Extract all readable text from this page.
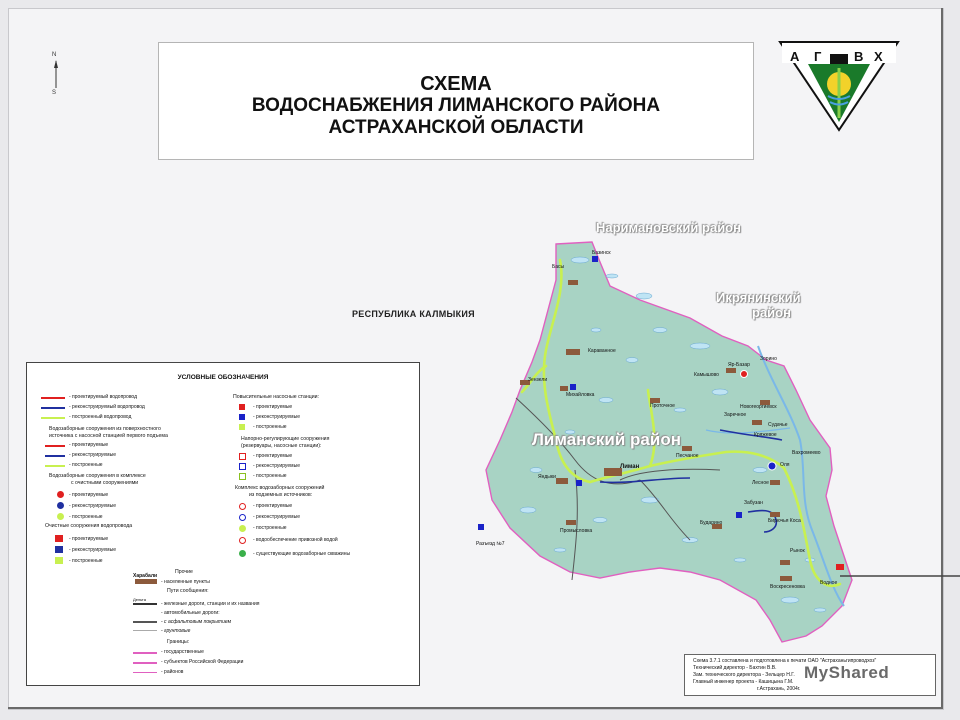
СХЕМА
ВОДОСНАБЖЕНИЯ ЛИМАНСКОГО РАЙОНА
АСТРАХАНСКОЙ ОБЛАСТИ
N
S
А Г	В Х
Наримановский район
Икрянинский
район
РЕСПУБЛИКА КАЛМЫКИЯ
Лиманский район
Басы
Базинск
Караванное
Зензели
Михайловка
Проточное
Камышово
Яр-Базар
Зорино
Новогеоргиевск
Заречное
Судачье
Кряжевое
Песчаное
Лиман
Яндыки
Вахромеево
Оля
Лесное
Промысловка
Забузан
Бударино	Бирючья Коса
Разъезд №7
Рынок
Воскресеновка
Водное
УСЛОВНЫЕ ОБОЗНАЧЕНИЯ
- проектируемый водопровод
- реконструируемый водопровод
- построенный водопровод
Водозаборные сооружения из поверхностного
источника с насосной станцией первого подъема
- проектируемые
- реконструируемые
- построенные
Водозаборные сооружения в комплексе
с очистными сооружениями
- проектируемые
- реконструируемые
- построенные
Очистные сооружения водопровода
- проектируемые
- реконструируемые
- построенные
Повысительные насосные станции:
- проектируемые
- реконструируемые
- построенные
Напорно-регулирующие сооружения
(резервуары, насосные станции):
- проектируемые
- реконструируемые
- построенные
Комплекс водозаборных сооружений
из подземных источников:
- проектируемые
- реконструируемые
- построенные
- водообеспечение привозной водой
- существующие водозаборные скважины
Прочие
Харабали
- населенные пункты
Пути сообщения:
Дельта
- железные дороги, станции и их названия
- автомобильные дороги:
- с асфальтовым покрытием
- грунтовые
Границы:
- государственные
- субъектов Российской Федерации
- районов
Схема 3.7.1 составлена и подготовлена к печати ОАО "Астраханьгипроводхоз"
Технический директор - Бахтин В.В.
Зам. технического директора - Зельцер Н.Г.
Главный инженер проекта - Кашицына Г.М.
г.Астрахань, 2004г.
MyShared
